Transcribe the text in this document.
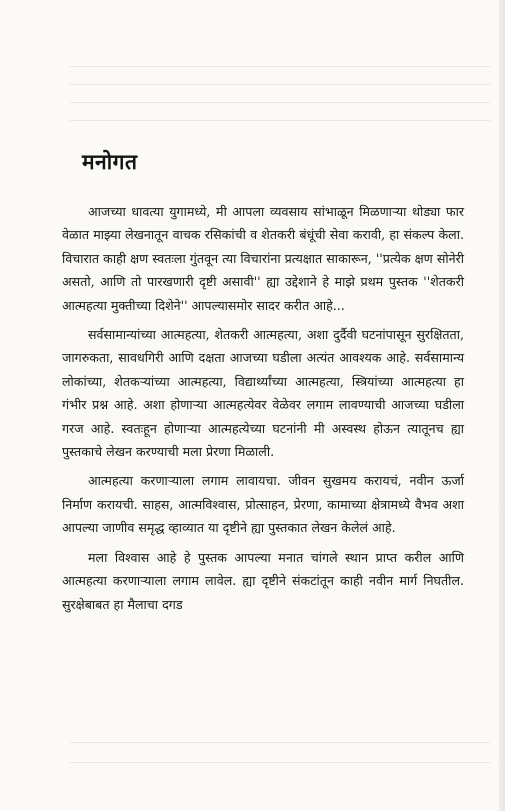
मनोगत

आजच्या धावत्या युगामध्ये, मी आपला व्यवसाय सांभाळून मिळणाऱ्या थोड्या फार वेळात माझ्या लेखनातून वाचक रसिकांची व शेतकरी बंधूंची सेवा करावी, हा संकल्प केला. विचारात काही क्षण स्वतःला गुंतवून त्या विचारांना प्रत्यक्षात साकारून, ''प्रत्येक क्षण सोनेरी असतो, आणि तो पारखणारी दृष्टी असावी'' ह्या उद्देशाने हे माझे प्रथम पुस्तक ''शेतकरी आत्महत्या मुक्तीच्या दिशेने'' आपल्यासमोर सादर करीत आहे...

सर्वसामान्यांच्या आत्महत्या, शेतकरी आत्महत्या, अशा दुर्दैवी घटनांपासून सुरक्षितता, जागरुकता, सावधगिरी आणि दक्षता आजच्या घडीला अत्यंत आवश्यक आहे. सर्वसामान्य लोकांच्या, शेतकऱ्यांच्या आत्महत्या, विद्यार्थ्यांच्या आत्महत्या, स्त्रियांच्या आत्महत्या हा गंभीर प्रश्न आहे. अशा होणाऱ्या आत्महत्येवर वेळेवर लगाम लावण्याची आजच्या घडीला गरज आहे. स्वतःहून होणाऱ्या आत्महत्येच्या घटनांनी मी अस्वस्थ होऊन त्यातूनच ह्या पुस्तकाचे लेखन करण्याची मला प्रेरणा मिळाली.

आत्महत्या करणाऱ्याला लगाम लावायचा. जीवन सुखमय करायचं, नवीन ऊर्जा निर्माण करायची. साहस, आत्मविश्वास, प्रोत्साहन, प्रेरणा, कामाच्या क्षेत्रामध्ये वैभव अशा आपल्या जाणीव समृद्ध व्हाव्यात या दृष्टीने ह्या पुस्तकात लेखन केलेलं आहे.

मला विश्वास आहे हे पुस्तक आपल्या मनात चांगले स्थान प्राप्त करील आणि आत्महत्या करणाऱ्याला लगाम लावेल. ह्या दृष्टीने संकटांतून काही नवीन मार्ग निघतील. सुरक्षेबाबत हा मैलाचा दगड
